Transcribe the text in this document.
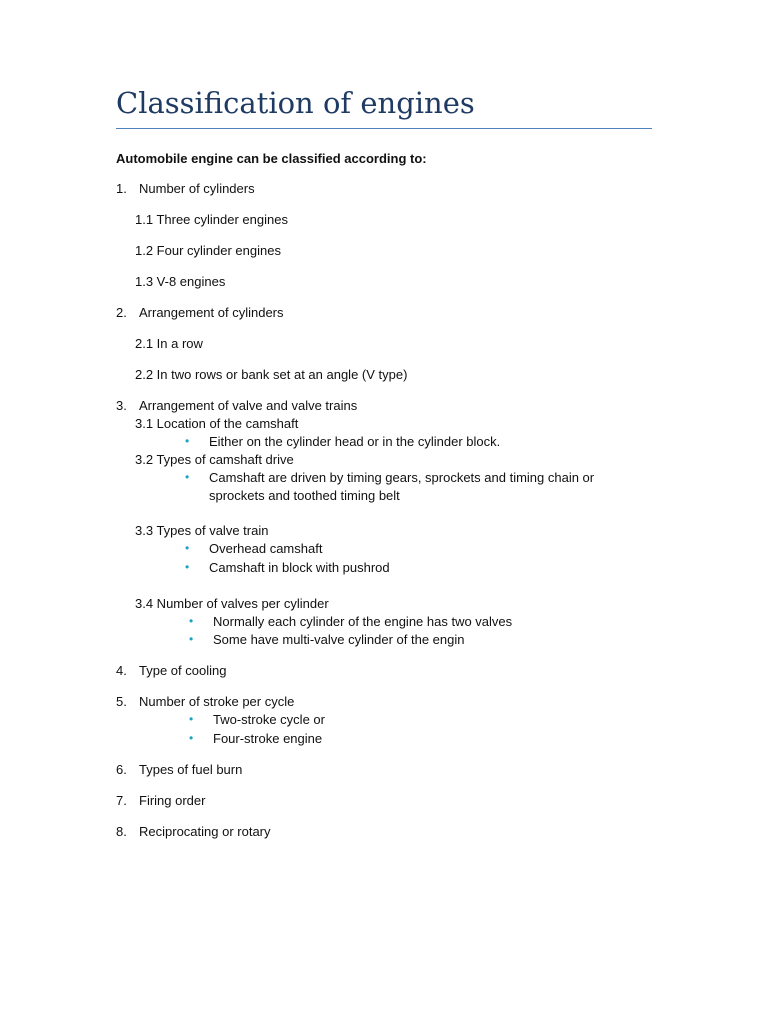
Classification of engines
Automobile engine can be classified according to:
1. Number of cylinders
1.1 Three cylinder engines
1.2 Four cylinder engines
1.3 V-8 engines
2. Arrangement of cylinders
2.1 In a row
2.2 In two rows or bank set at an angle (V type)
3. Arrangement of valve and valve trains
3.1 Location of the camshaft
• Either on the cylinder head or in the cylinder block.
3.2 Types of camshaft drive
• Camshaft are driven by timing gears, sprockets and timing chain or
sprockets and toothed timing belt
3.3 Types of valve train
• Overhead camshaft
• Camshaft in block with pushrod
3.4 Number of valves per cylinder
• Normally each cylinder of the engine has two valves
• Some have multi-valve cylinder of the engin
4. Type of cooling
5. Number of stroke per cycle
• Two-stroke cycle or
• Four-stroke engine
6. Types of fuel burn
7. Firing order
8. Reciprocating or rotary
